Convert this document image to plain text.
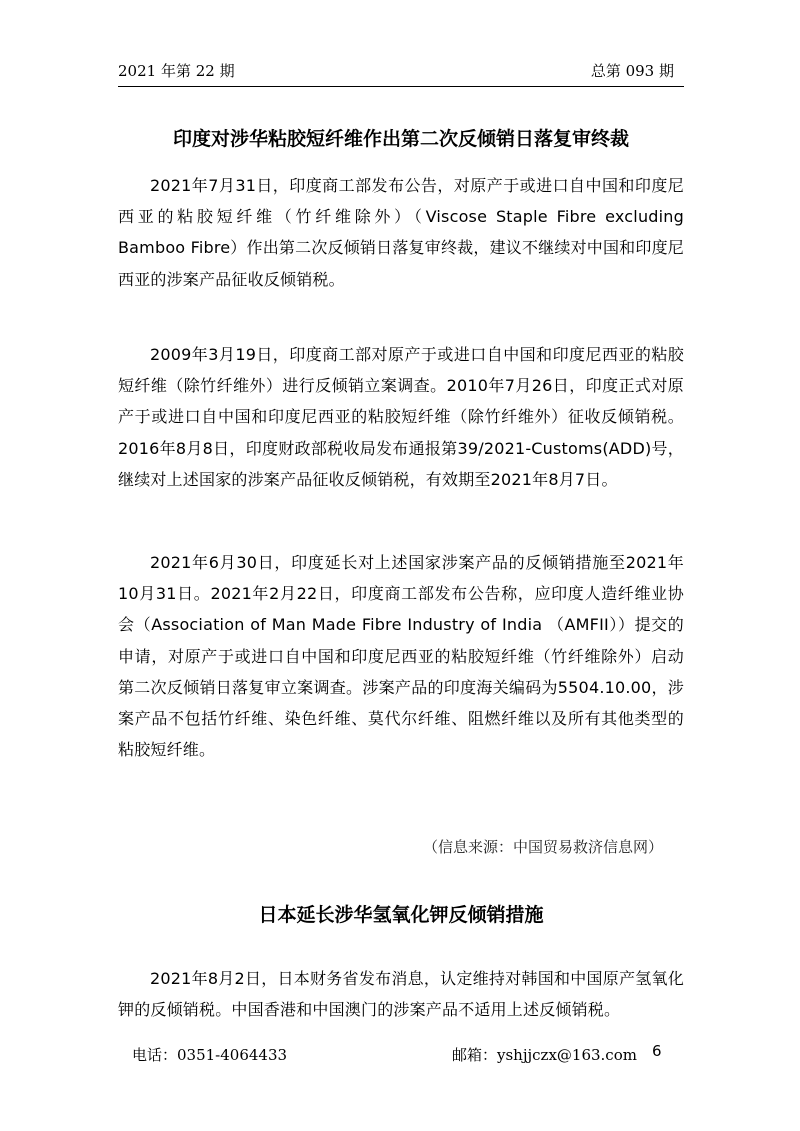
2021 年第 22 期	总第 093 期
印度对涉华粘胶短纤维作出第二次反倾销日落复审终裁

2021年7月31日，印度商工部发布公告，对原产于或进口自中国和印度尼西亚的粘胶短纤维（竹纤维除外）（Viscose Staple Fibre excluding Bamboo Fibre）作出第二次反倾销日落复审终裁，建议不继续对中国和印度尼西亚的涉案产品征收反倾销税。

2009年3月19日，印度商工部对原产于或进口自中国和印度尼西亚的粘胶短纤维（除竹纤维外）进行反倾销立案调查。2010年7月26日，印度正式对原产于或进口自中国和印度尼西亚的粘胶短纤维（除竹纤维外）征收反倾销税。2016年8月8日，印度财政部税收局发布通报第39/2021-Customs(ADD)号，继续对上述国家的涉案产品征收反倾销税，有效期至2021年8月7日。

2021年6月30日，印度延长对上述国家涉案产品的反倾销措施至2021年10月31日。2021年2月22日，印度商工部发布公告称，应印度人造纤维业协会（Association of Man Made Fibre Industry of India （AMFII））提交的申请，对原产于或进口自中国和印度尼西亚的粘胶短纤维（竹纤维除外）启动第二次反倾销日落复审立案调查。涉案产品的印度海关编码为5504.10.00，涉案产品不包括竹纤维、染色纤维、莫代尔纤维、阻燃纤维以及所有其他类型的粘胶短纤维。

（信息来源：中国贸易救济信息网）
日本延长涉华氢氧化钾反倾销措施

2021年8月2日，日本财务省发布消息，认定维持对韩国和中国原产氢氧化钾的反倾销税。中国香港和中国澳门的涉案产品不适用上述反倾销税。

电话：0351-4064433	邮箱：yshjjczx@163.com 6
